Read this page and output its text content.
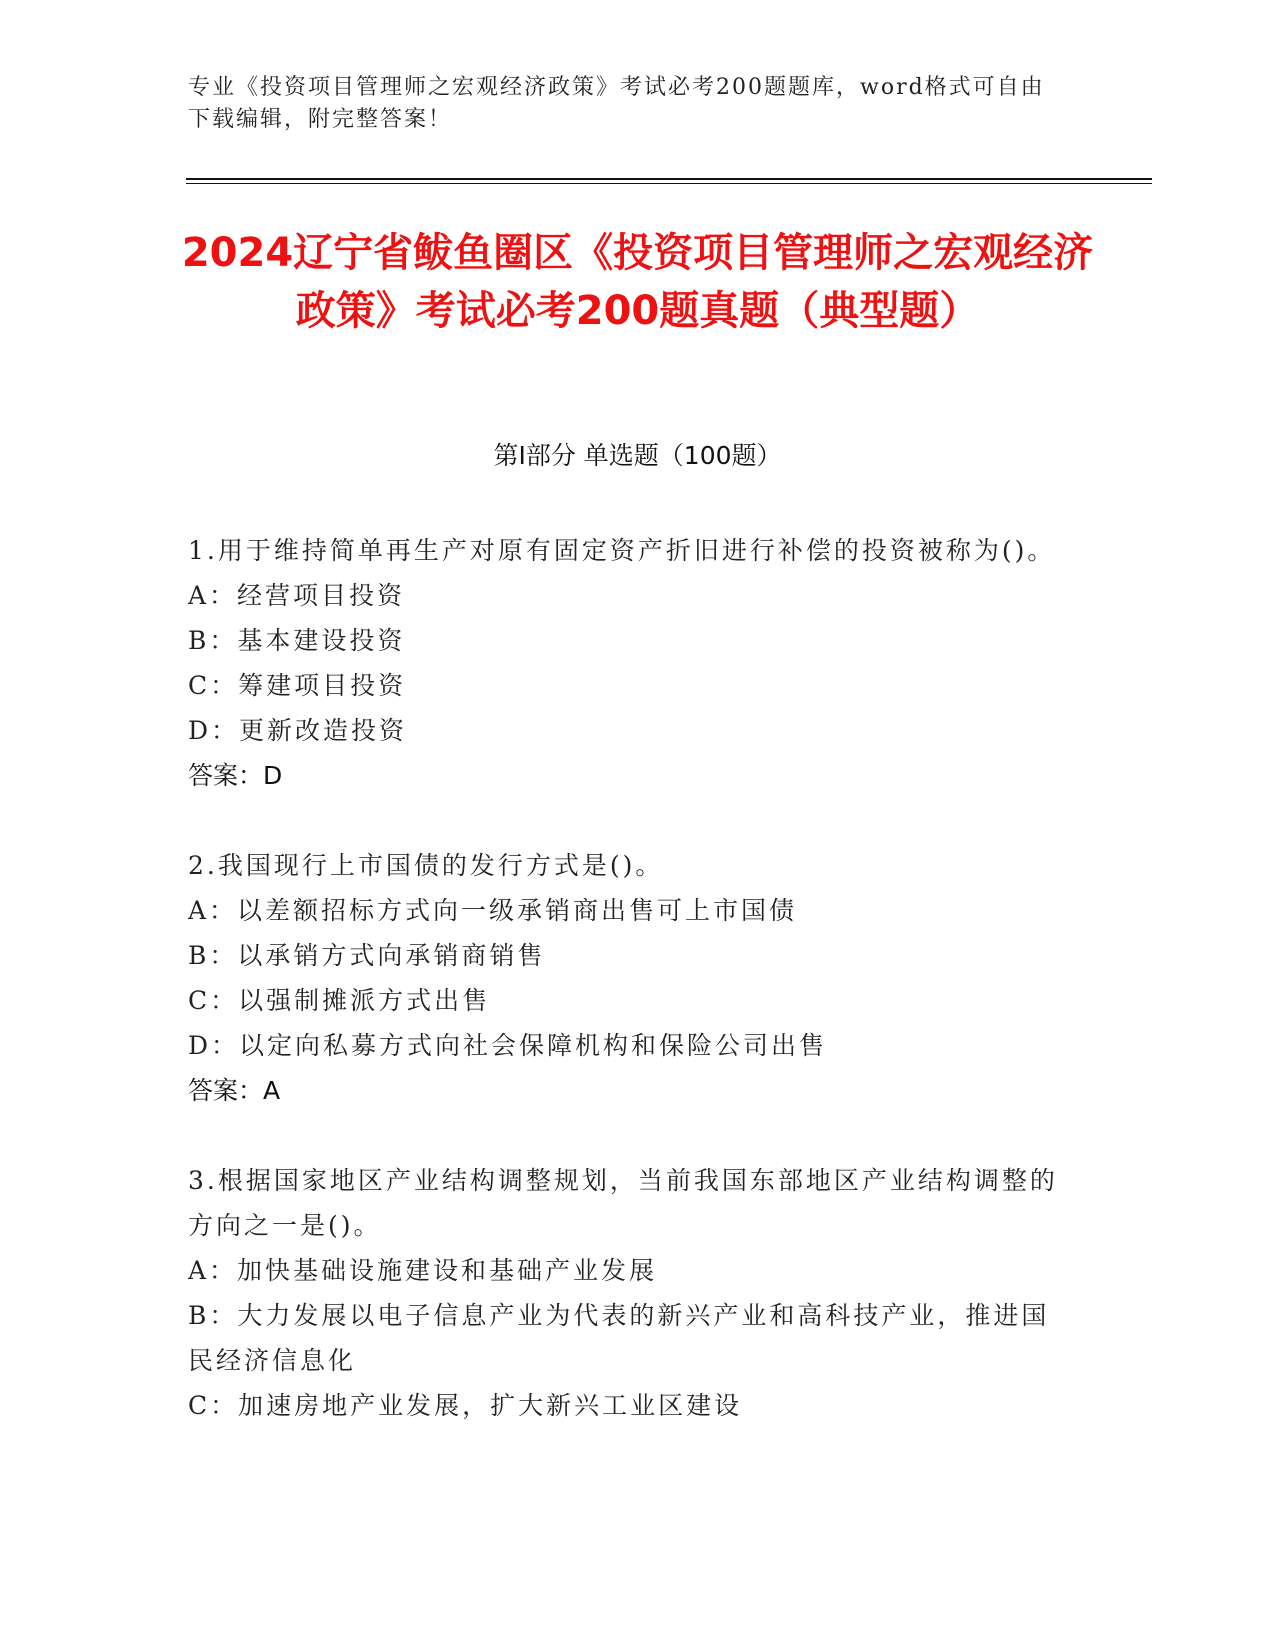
专业《投资项目管理师之宏观经济政策》考试必考200题题库，word格式可自由下载编辑，附完整答案！
2024辽宁省鲅鱼圈区《投资项目管理师之宏观经济政策》考试必考200题真题（典型题）
第I部分 单选题（100题）
1.用于维持简单再生产对原有固定资产折旧进行补偿的投资被称为()。
A：经营项目投资
B：基本建设投资
C：筹建项目投资
D：更新改造投资
答案：D
2.我国现行上市国债的发行方式是()。
A：以差额招标方式向一级承销商出售可上市国债
B：以承销方式向承销商销售
C：以强制摊派方式出售
D：以定向私募方式向社会保障机构和保险公司出售
答案：A
3.根据国家地区产业结构调整规划，当前我国东部地区产业结构调整的方向之一是()。
A：加快基础设施建设和基础产业发展
B：大力发展以电子信息产业为代表的新兴产业和高科技产业，推进国民经济信息化
C：加速房地产业发展，扩大新兴工业区建设
